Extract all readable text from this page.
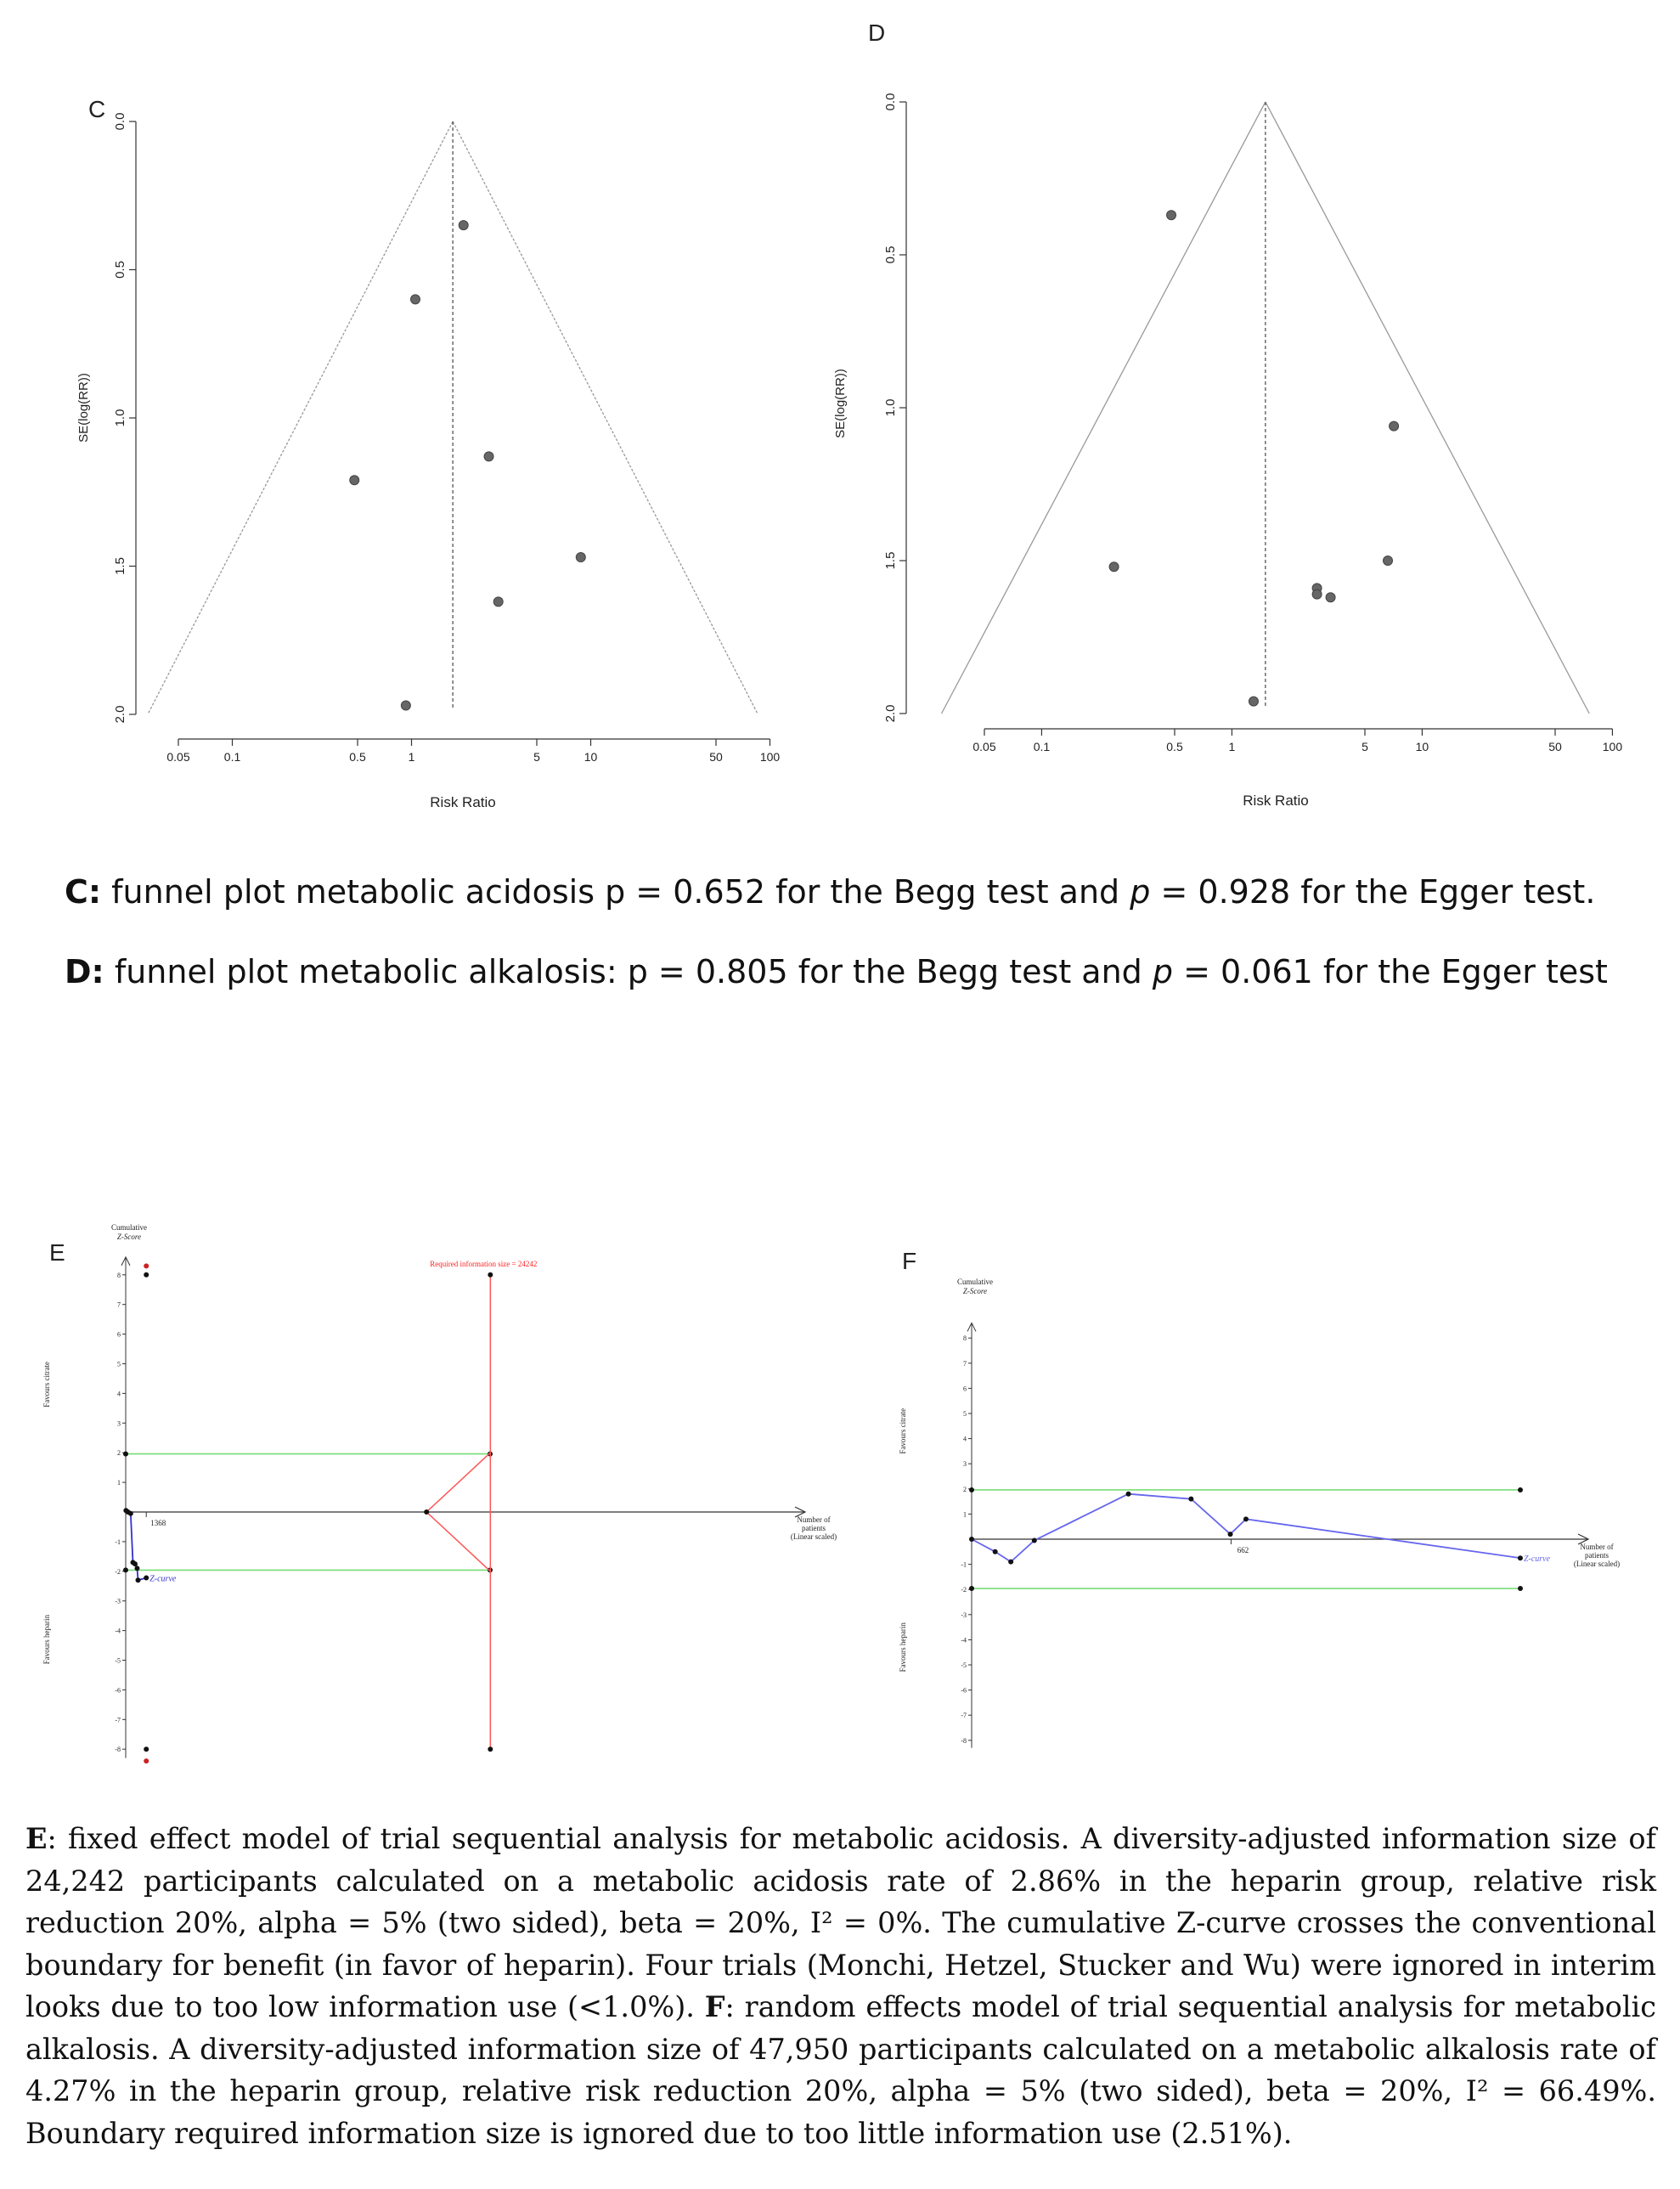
C
SE(log(RR))
Risk Ratio
0.0
0.5
1.0
1.5
2.0
0.05	0.1	0.5	1	5	10	50	100
D
SE(log(RR))
Risk Ratio
0.0
0.5
1.0
1.5
2.0
0.05	0.1	0.5	1	5	10	50	100
C: funnel plot metabolic acidosis p = 0.652 for the Begg test and p = 0.928 for the Egger test.
D: funnel plot metabolic alkalosis: p = 0.805 for the Begg test and p = 0.061 for the Egger test
E
Favours citrate
Favours heparin
Cumulative
Z-Score
8
7
6
5
4
3
2
1
-1
-2
-3
-4
-5
-6
-7
-8
Number of
patients
(Linear scaled)
1368
Required information size = 24242
Z-curve
F
Favours citrate
Favours heparin
Cumulative
Z-Score
8
7
6
5
4
3
2
1
-1
-2
-3
-4
-5
-6
-7
-8
Number of
patients
(Linear scaled)
662
Z-curve
E: fixed effect model of trial sequential analysis for metabolic acidosis. A diversity-adjusted information size of 24,242 participants calculated on a metabolic acidosis rate of 2.86% in the heparin group, relative risk reduction 20%, alpha = 5% (two sided), beta = 20%, I² = 0%. The cumulative Z-curve crosses the conventional boundary for benefit (in favor of heparin). Four trials (Monchi, Hetzel, Stucker and Wu) were ignored in interim looks due to too low information use (<1.0%). F: random effects model of trial sequential analysis for metabolic alkalosis. A diversity-adjusted information size of 47,950 participants calculated on a metabolic alkalosis rate of 4.27% in the heparin group, relative risk reduction 20%, alpha = 5% (two sided), beta = 20%, I² = 66.49%. Boundary required information size is ignored due to too little information use (2.51%).
